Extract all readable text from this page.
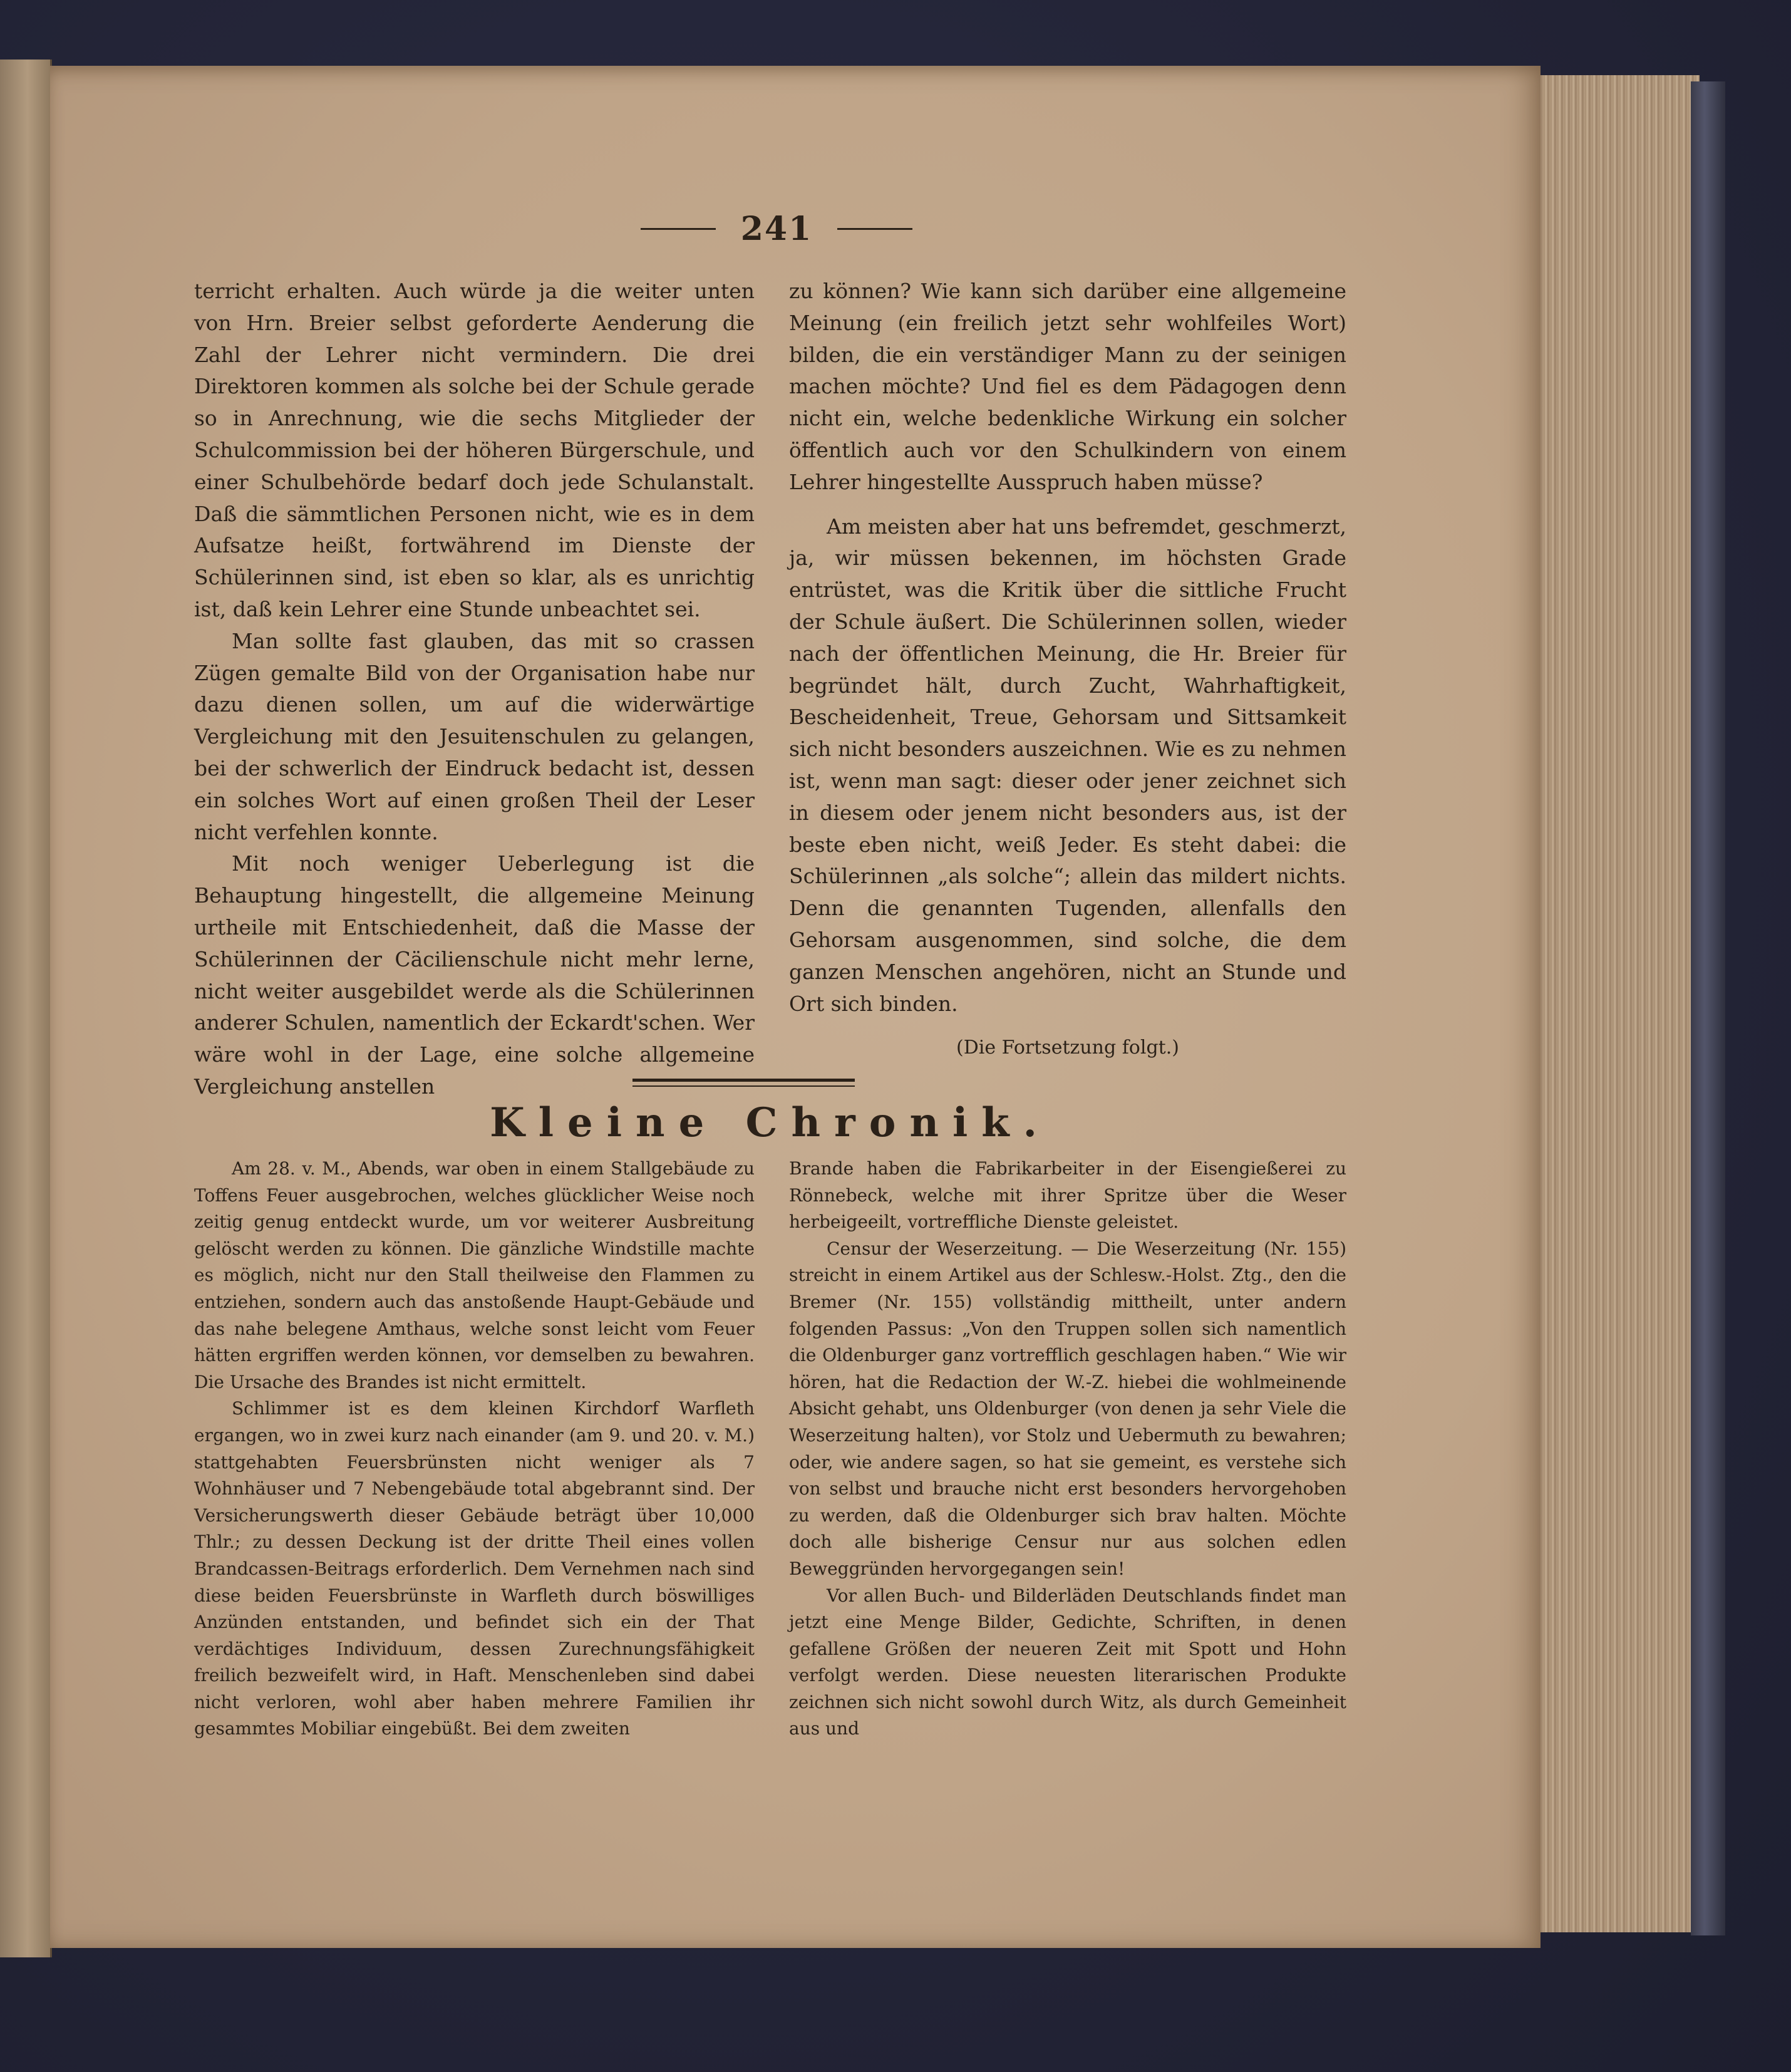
241

terricht erhalten. Auch würde ja die weiter unten von Hrn. Breier selbst geforderte Aenderung die Zahl der Lehrer nicht vermindern. Die drei Direktoren kommen als solche bei der Schule gerade so in Anrechnung, wie die sechs Mitglieder der Schulcommission bei der höheren Bürgerschule, und einer Schulbehörde bedarf doch jede Schulanstalt. Daß die sämmtlichen Personen nicht, wie es in dem Aufsatze heißt, fortwährend im Dienste der Schülerinnen sind, ist eben so klar, als es unrichtig ist, daß kein Lehrer eine Stunde unbeachtet sei.

Man sollte fast glauben, das mit so crassen Zügen gemalte Bild von der Organisation habe nur dazu dienen sollen, um auf die widerwärtige Vergleichung mit den Jesuitenschulen zu gelangen, bei der schwerlich der Eindruck bedacht ist, dessen ein solches Wort auf einen großen Theil der Leser nicht verfehlen konnte.

Mit noch weniger Ueberlegung ist die Behauptung hingestellt, die allgemeine Meinung urtheile mit Entschiedenheit, daß die Masse der Schülerinnen der Cäcilienschule nicht mehr lerne, nicht weiter ausgebildet werde als die Schülerinnen anderer Schulen, namentlich der Eckardt'schen. Wer wäre wohl in der Lage, eine solche allgemeine Vergleichung anstellen

zu können? Wie kann sich darüber eine allgemeine Meinung (ein freilich jetzt sehr wohlfeiles Wort) bilden, die ein verständiger Mann zu der seinigen machen möchte? Und fiel es dem Pädagogen denn nicht ein, welche bedenkliche Wirkung ein solcher öffentlich auch vor den Schulkindern von einem Lehrer hingestellte Ausspruch haben müsse?

Am meisten aber hat uns befremdet, geschmerzt, ja, wir müssen bekennen, im höchsten Grade entrüstet, was die Kritik über die sittliche Frucht der Schule äußert. Die Schülerinnen sollen, wieder nach der öffentlichen Meinung, die Hr. Breier für begründet hält, durch Zucht, Wahrhaftigkeit, Bescheidenheit, Treue, Gehorsam und Sittsamkeit sich nicht besonders auszeichnen. Wie es zu nehmen ist, wenn man sagt: dieser oder jener zeichnet sich in diesem oder jenem nicht besonders aus, ist der beste eben nicht, weiß Jeder. Es steht dabei: die Schülerinnen „als solche“; allein das mildert nichts. Denn die genannten Tugenden, allenfalls den Gehorsam ausgenommen, sind solche, die dem ganzen Menschen angehören, nicht an Stunde und Ort sich binden.

(Die Fortsetzung folgt.)
Kleine Chronik.

Am 28. v. M., Abends, war oben in einem Stallgebäude zu Toffens Feuer ausgebrochen, welches glücklicher Weise noch zeitig genug entdeckt wurde, um vor weiterer Ausbreitung gelöscht werden zu können. Die gänzliche Windstille machte es möglich, nicht nur den Stall theilweise den Flammen zu entziehen, sondern auch das anstoßende Haupt-Gebäude und das nahe belegene Amthaus, welche sonst leicht vom Feuer hätten ergriffen werden können, vor demselben zu bewahren. Die Ursache des Brandes ist nicht ermittelt.

Schlimmer ist es dem kleinen Kirchdorf Warfleth ergangen, wo in zwei kurz nach einander (am 9. und 20. v. M.) stattgehabten Feuersbrünsten nicht weniger als 7 Wohnhäuser und 7 Nebengebäude total abgebrannt sind. Der Versicherungswerth dieser Gebäude beträgt über 10,000 Thlr.; zu dessen Deckung ist der dritte Theil eines vollen Brandcassen-Beitrags erforderlich. Dem Vernehmen nach sind diese beiden Feuersbrünste in Warfleth durch böswilliges Anzünden entstanden, und befindet sich ein der That verdächtiges Individuum, dessen Zurechnungsfähigkeit freilich bezweifelt wird, in Haft. Menschenleben sind dabei nicht verloren, wohl aber haben mehrere Familien ihr gesammtes Mobiliar eingebüßt. Bei dem zweiten

Brande haben die Fabrikarbeiter in der Eisengießerei zu Rönnebeck, welche mit ihrer Spritze über die Weser herbeigeeilt, vortreffliche Dienste geleistet.

Censur der Weserzeitung. — Die Weserzeitung (Nr. 155) streicht in einem Artikel aus der Schlesw.-Holst. Ztg., den die Bremer (Nr. 155) vollständig mittheilt, unter andern folgenden Passus: „Von den Truppen sollen sich namentlich die Oldenburger ganz vortrefflich geschlagen haben.“ Wie wir hören, hat die Redaction der W.-Z. hiebei die wohlmeinende Absicht gehabt, uns Oldenburger (von denen ja sehr Viele die Weserzeitung halten), vor Stolz und Uebermuth zu bewahren; oder, wie andere sagen, so hat sie gemeint, es verstehe sich von selbst und brauche nicht erst besonders hervorgehoben zu werden, daß die Oldenburger sich brav halten. Möchte doch alle bisherige Censur nur aus solchen edlen Beweggründen hervorgegangen sein!

Vor allen Buch- und Bilderläden Deutschlands findet man jetzt eine Menge Bilder, Gedichte, Schriften, in denen gefallene Größen der neueren Zeit mit Spott und Hohn verfolgt werden. Diese neuesten literarischen Produkte zeichnen sich nicht sowohl durch Witz, als durch Gemeinheit aus und
